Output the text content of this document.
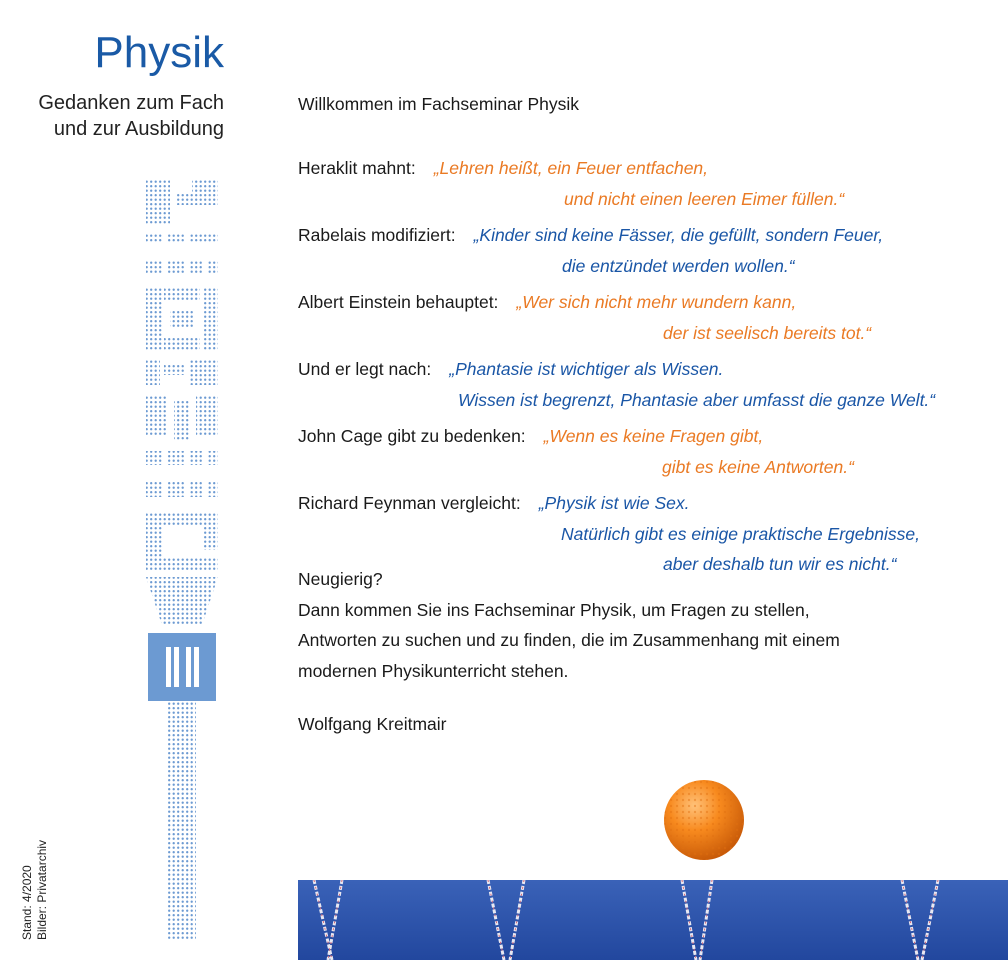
Physik
Gedanken zum Fach
und zur Ausbildung
Stand: 4/2020 Bilder: Privatarchiv
Willkommen im Fachseminar Physik
Heraklit mahnt: „Lehren heißt, ein Feuer entfachen,
und nicht einen leeren Eimer füllen.“
Rabelais modifiziert: „Kinder sind keine Fässer, die gefüllt, sondern Feuer,
die entzündet werden wollen.“
Albert Einstein behauptet: „Wer sich nicht mehr wundern kann,
der ist seelisch bereits tot.“
Und er legt nach: „Phantasie ist wichtiger als Wissen.
Wissen ist begrenzt, Phantasie aber umfasst die ganze Welt.“
John Cage gibt zu bedenken: „Wenn es keine Fragen gibt,
gibt es keine Antworten.“
Richard Feynman vergleicht: „Physik ist wie Sex.
Natürlich gibt es einige praktische Ergebnisse,
aber deshalb tun wir es nicht.“
Neugierig?
Dann kommen Sie ins Fachseminar Physik, um Fragen zu stellen,
Antworten zu suchen und zu finden, die im Zusammenhang mit einem
modernen Physikunterricht stehen.
Wolfgang Kreitmair
